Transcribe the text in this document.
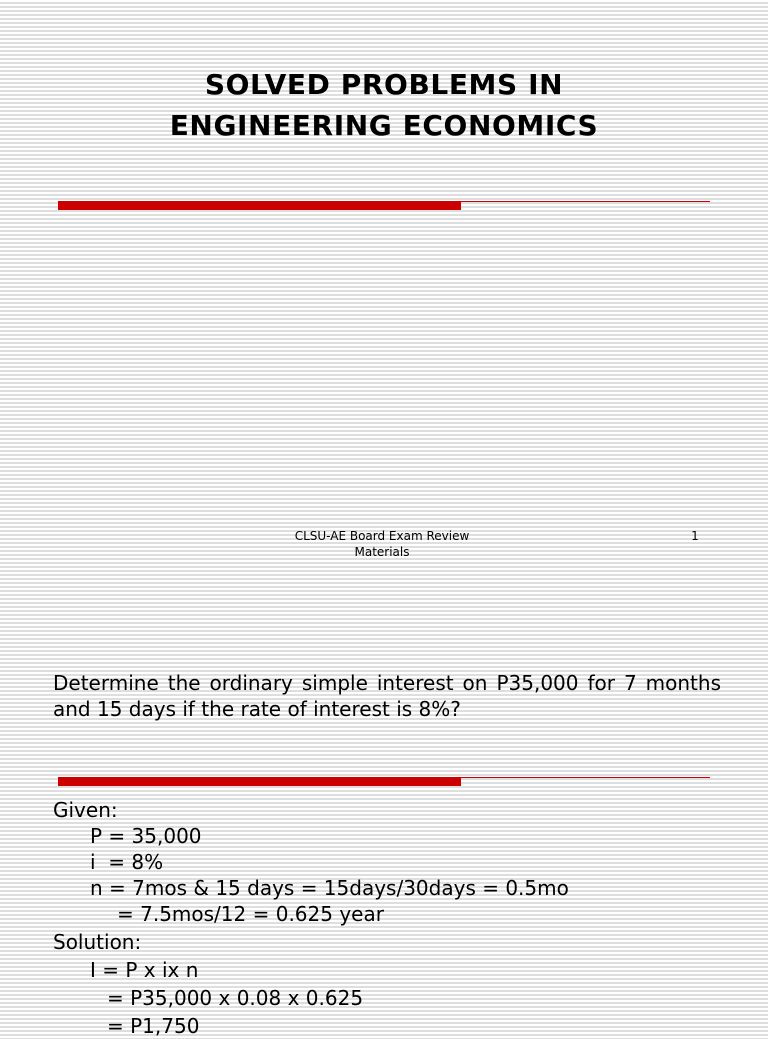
SOLVED PROBLEMS IN
ENGINEERING ECONOMICS
CLSU-AE Board Exam Review
Materials
1
Determine the ordinary simple interest on P35,000 for 7 months and 15 days if the rate of interest is 8%?
Given:
P = 35,000
i  = 8%
n = 7mos & 15 days = 15days/30days = 0.5mo
= 7.5mos/12 = 0.625 year
Solution:
I = P x ix n
= P35,000 x 0.08 x 0.625
= P1,750
